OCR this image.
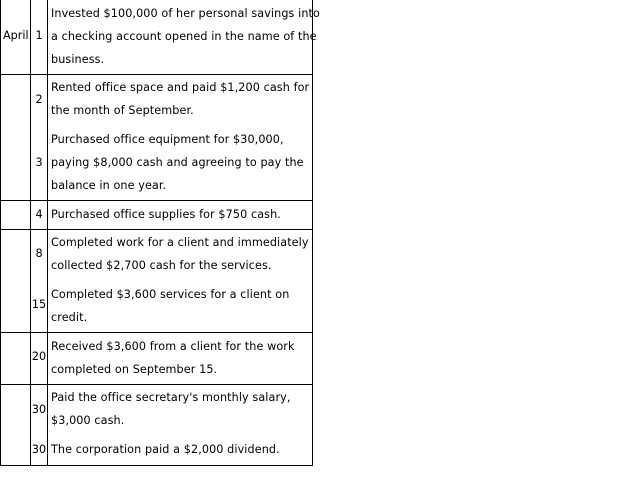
April 1
Invested $100,000 of her personal savings into
a checking account opened in the name of the
business.
2
Rented office space and paid $1,200 cash for
the month of September.
3
Purchased office equipment for $30,000,
paying $8,000 cash and agreeing to pay the
balance in one year.
4 Purchased office supplies for $750 cash.
8
Completed work for a client and immediately
collected $2,700 cash for the services.
15
Completed $3,600 services for a client on
credit.
20
Received $3,600 from a client for the work
completed on September 15.
30
Paid the office secretary's monthly salary,
$3,000 cash.
30 The corporation paid a $2,000 dividend.
